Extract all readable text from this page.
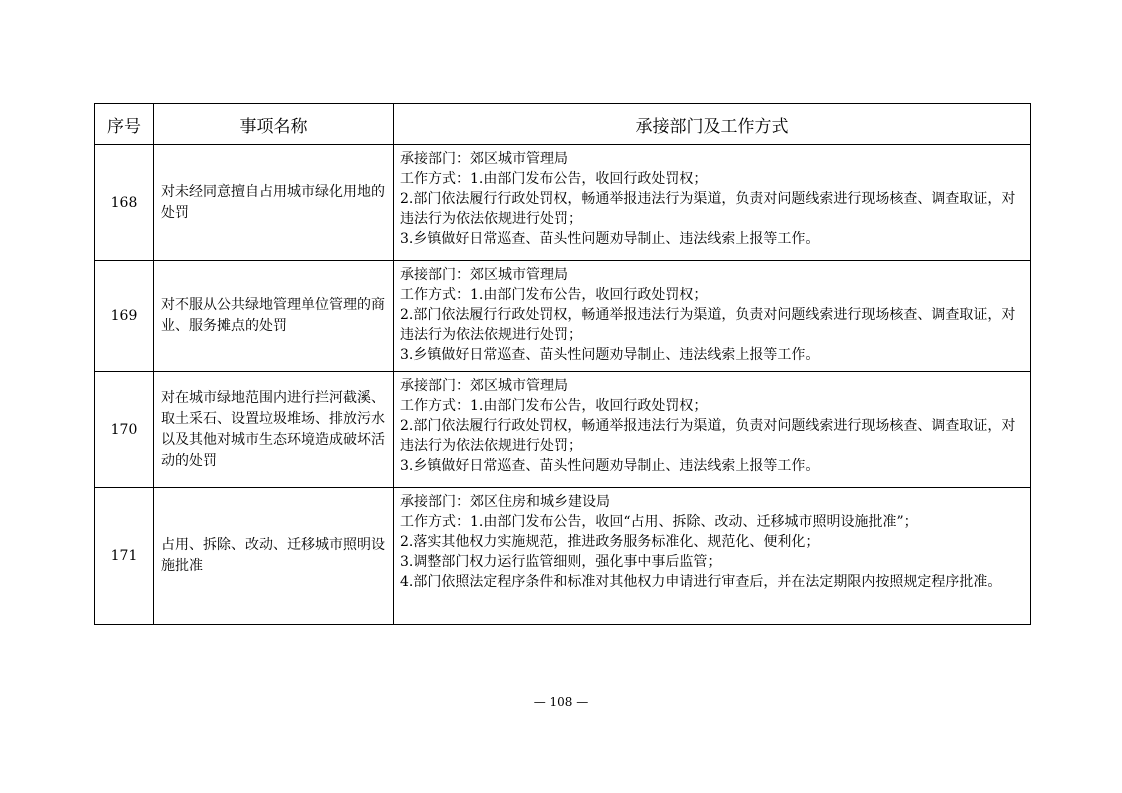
序号	事项名称	承接部门及工作方式
168	对未经同意擅自占用城市绿化用地的处罚	承接部门：郊区城市管理局
工作方式：1.由部门发布公告，收回行政处罚权；
2.部门依法履行行政处罚权，畅通举报违法行为渠道，负责对问题线索进行现场核查、调查取证，对违法行为依法依规进行处罚；
3.乡镇做好日常巡查、苗头性问题劝导制止、违法线索上报等工作。

169	对不服从公共绿地管理单位管理的商业、服务摊点的处罚	承接部门：郊区城市管理局
工作方式：1.由部门发布公告，收回行政处罚权；
2.部门依法履行行政处罚权，畅通举报违法行为渠道，负责对问题线索进行现场核查、调查取证，对违法行为依法依规进行处罚；
3.乡镇做好日常巡查、苗头性问题劝导制止、违法线索上报等工作。

170	对在城市绿地范围内进行拦河截溪、取土采石、设置垃圾堆场、排放污水以及其他对城市生态环境造成破坏活动的处罚	承接部门：郊区城市管理局
工作方式：1.由部门发布公告，收回行政处罚权；
2.部门依法履行行政处罚权，畅通举报违法行为渠道，负责对问题线索进行现场核查、调查取证，对违法行为依法依规进行处罚；
3.乡镇做好日常巡查、苗头性问题劝导制止、违法线索上报等工作。

171	占用、拆除、改动、迁移城市照明设施批准	承接部门：郊区住房和城乡建设局
工作方式：1.由部门发布公告，收回“占用、拆除、改动、迁移城市照明设施批准”；
2.落实其他权力实施规范，推进政务服务标准化、规范化、便利化；
3.调整部门权力运行监管细则，强化事中事后监管；
4.部门依照法定程序条件和标准对其他权力申请进行审查后，并在法定期限内按照规定程序批准。
— 108 —
